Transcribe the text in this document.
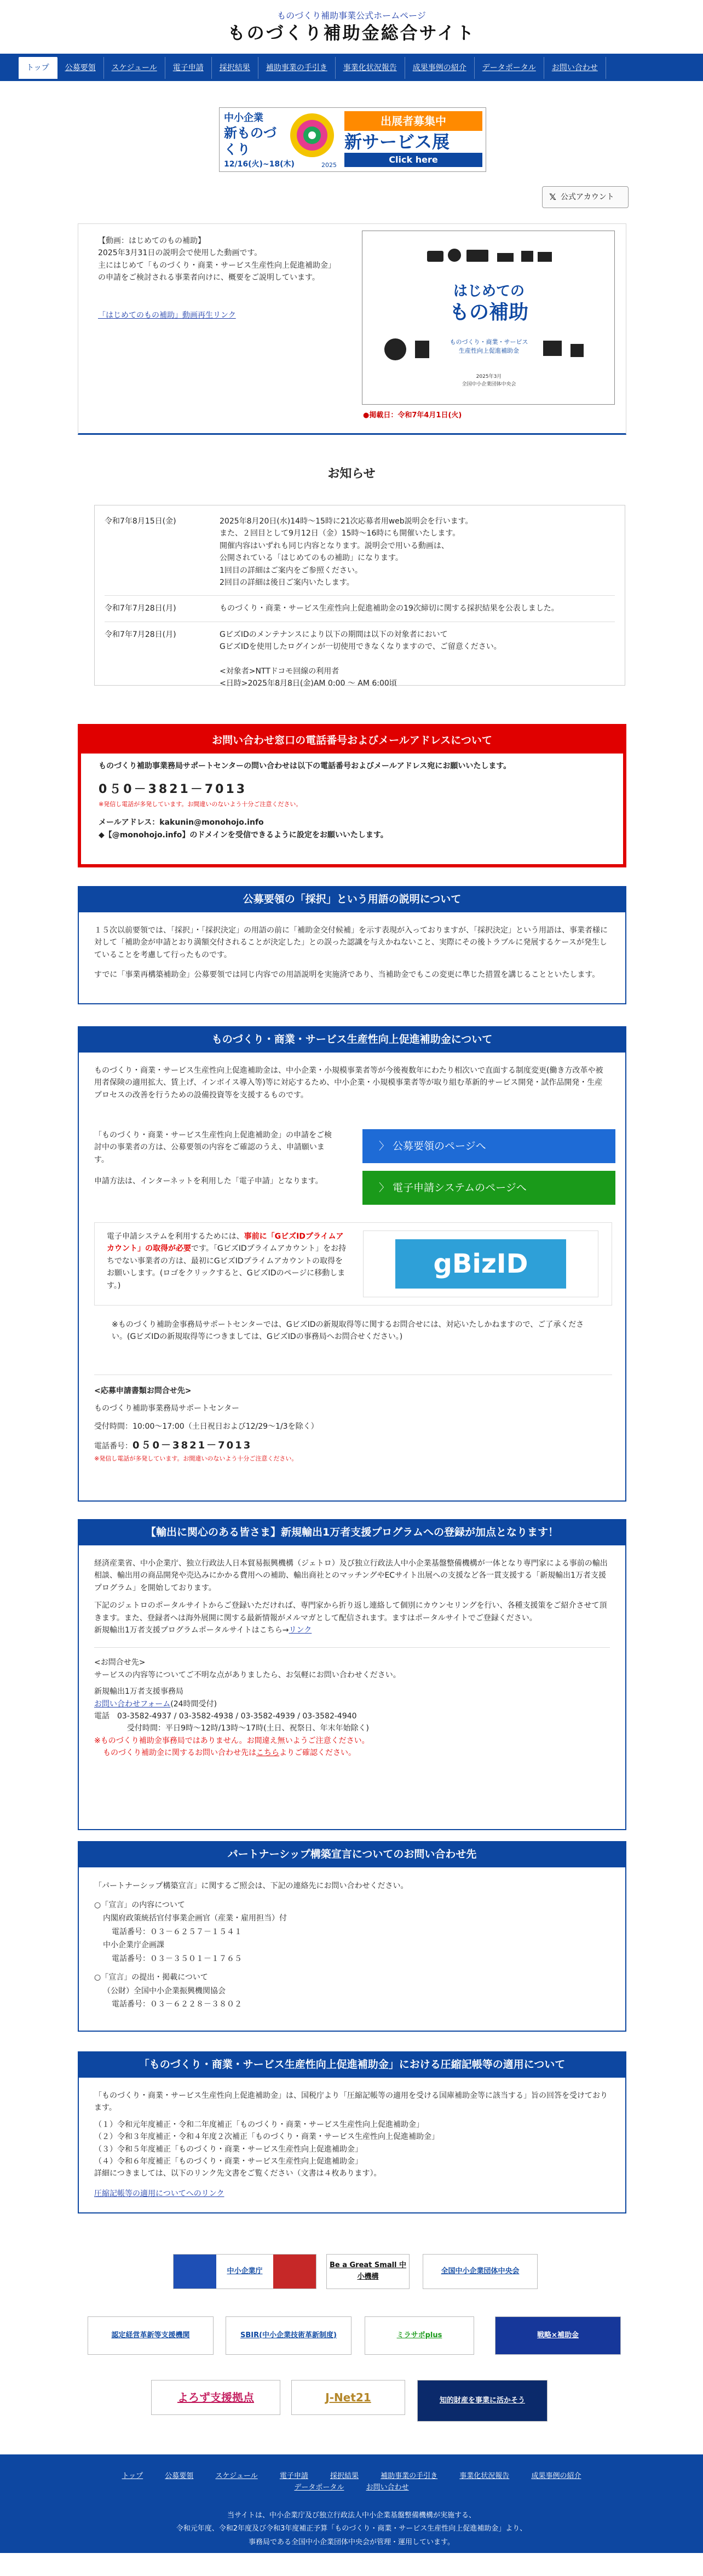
ものづくり補助事業公式ホームページ
ものづくり補助金総合サイト
トップ	公募要領	スケジュール	電子申請	採択結果	補助事業の手引き	事業化状況報告	成果事例の紹介	データポータル	お問い合わせ
中小企業
新ものづくり
12/16(火)~18(木)	2025
出展者募集中
新サービス展
Click here
𝕏 公式アカウント
【動画：はじめてのもの補助】
2025年3月31日の説明会で使用した動画です。
主にはじめて「ものづくり・商業・サービス生産性向上促進補助金」の申請をご検討される事業者向けに、概要をご説明しています。
「はじめてのもの補助」動画再生リンク
はじめての
もの補助
ものづくり・商業・サービス
生産性向上促進補助金
2025年3月
全国中小企業団体中央会
●掲載日：令和7年4月1日(火)
お知らせ
令和7年8月15日(金)	2025年8月20日(水)14時～15時に21次応募者用web説明会を行います。
また、２回目として9月12日（金）15時～16時にも開催いたします。
開催内容はいずれも同じ内容となります。説明会で用いる動画は、
公開されている「はじめてのもの補助」になります。
1回目の詳細はご案内をご参照ください。
2回目の詳細は後日ご案内いたします。
令和7年7月28日(月)	ものづくり・商業・サービス生産性向上促進補助金の19次締切に関する採択結果を公表しました。
令和7年7月28日(月)	GビズIDのメンテナンスにより以下の期間は以下の対象者において
GビズIDを使用したログインが一切使用できなくなりますので、ご留意ください。

<対象者>NTTドコモ回線の利用者
<日時>2025年8月8日(金)AM 0:00 ～ AM 6:00頃
お問い合わせ窓口の電話番号およびメールアドレスについて
ものづくり補助事業務局サポートセンターの問い合わせは以下の電話番号およびメールアドレス宛にお願いいたします。
0５0－3821－7013
※発信し電話が多発しています。お間違いのないよう十分ご注意ください。
メールアドレス：kakunin@monohojo.info
◆【@monohojo.info】のドメインを受信できるように設定をお願いいたします。
公募要領の「採択」という用語の説明について

１５次以前要領では、「採択」・「採択決定」の用語の前に「補助金交付候補」を示す表現が入っておりますが、「採択決定」という用語は、事業者様に対して「補助金が申請とおり満額交付されることが決定した」との誤った認識を与えかねないこと、実際にその後トラブルに発展するケースが発生していることを考慮して行ったものです。

すでに「事業再構築補助金」公募要領では同じ内容での用語説明を実施済であり、当補助金でもこの変更に準じた措置を講じることといたします。

ものづくり・商業・サービス生産性向上促進補助金について

ものづくり・商業・サービス生産性向上促進補助金は、中小企業・小規模事業者等が今後複数年にわたり相次いで直面する制度変更(働き方改革や被用者保険の適用拡大、賃上げ、インボイス導入等)等に対応するため、中小企業・小規模事業者等が取り組む革新的サービス開発・試作品開発・生産プロセスの改善を行うための設備投資等を支援するものです。

「ものづくり・商業・サービス生産性向上促進補助金」の申請をご検討中の事業者の方は、公募要領の内容をご確認のうえ、申請願います。

〉 公募要領のページへ

申請方法は、インターネットを利用した「電子申請」となります。

〉 電子申請システムのページへ

電子申請システムを利用するためには、事前に「GビズIDプライムアカウント」の取得が必要です。「GビズIDプライムアカウント」をお持ちでない事業者の方は、最初にGビズIDプライムアカウントの取得をお願いします。(ロゴをクリックすると、GビズIDのページに移動します。)

gBizID

※ものづくり補助金事務局サポートセンターでは、GビズIDの新規取得等に関するお問合せには、対応いたしかねますので、ご了承ください。(GビズIDの新規取得等につきましては、GビズIDの事務局へお問合せください。)

<応募申請書類お問合せ先>
ものづくり補助事業務局サポートセンター
受付時間：10:00～17:00（土日祝日および12/29～1/3を除く）
電話番号：0５0－3821－7013
※発信し電話が多発しています。お間違いのないよう十分ご注意ください。
【輸出に関心のある皆さま】新規輸出1万者支援プログラムへの登録が加点となります！

経済産業省、中小企業庁、独立行政法人日本貿易振興機構（ジェトロ）及び独立行政法人中小企業基盤整備機構が一体となり専門家による事前の輸出相談、輸出用の商品開発や売込みにかかる費用への補助、輸出商社とのマッチングやECサイト出展への支援など各一貫支援する「新規輸出1万者支援プログラム」を開始しております。

下記のジェトロのポータルサイトからご登録いただければ、専門家から折り返し連絡して個別にカウンセリングを行い、各種支援策をご紹介させて頂きます。また、登録者へは海外展開に関する最新情報がメルマガとして配信されます。ますはポータルサイトでご登録ください。

新規輸出1万者支援プログラムポータルサイトはこちら→リンク

<お問合せ先>
サービスの内容等についてご不明な点がありましたら、お気軽にお問い合わせください。
新規輸出1万者支援事務局
お問い合わせフォーム(24時間受付)
電話　03-3582-4937 / 03-3582-4938 / 03-3582-4939 / 03-3582-4940
受付時間：平日9時～12時/13時～17時(土日、祝祭日、年末年始除く)
※ものづくり補助金事務局ではありません。お間違え無いようご注意ください。
ものづくり補助金に関するお問い合わせ先はこちらよりご確認ください。
パートナーシップ構築宣言についてのお問い合わせ先
「パートナーシップ構築宣言」に関するご照会は、下記の連絡先にお問い合わせください。
○「宣言」の内容について
内閣府政策統括官付事業企画官（産業・雇用担当）付
電話番号：０３－６２５７－１５４１
中小企業庁企画課
電話番号：０３－３５０１－１７６５
○「宣言」の提出・掲載について
（公財）全国中小企業振興機関協会
電話番号：０３－６２２８－３８０２
「ものづくり・商業・サービス生産性向上促進補助金」における圧縮記帳等の適用について

「ものづくり・商業・サービス生産性向上促進補助金」は、国税庁より「圧縮記帳等の適用を受ける国庫補助金等に該当する」旨の回答を受けております。

（１）令和元年度補正・令和二年度補正「ものづくり・商業・サービス生産性向上促進補助金」
（２）令和３年度補正・令和４年度２次補正「ものづくり・商業・サービス生産性向上促進補助金」
（３）令和５年度補正「ものづくり・商業・サービス生産性向上促進補助金」
（４）令和６年度補正「ものづくり・商業・サービス生産性向上促進補助金」
詳細につきましては、以下のリンク先文書をご覧ください（文書は４枚あります）。
圧縮記帳等の適用についてへのリンク
中小企業庁
Be a Great Small 中小機構
全国中小企業団体中央会
認定経営革新等支援機関	SBIR(中小企業技術革新制度)	ミラサポplus	戦略×補助金
よろず支援拠点	J-Net21	知的財産を事業に活かそう
トップ	公募要領	スケジュール	電子申請	採択結果	補助事業の手引き	事業化状況報告	成果事例の紹介
データポータル	お問い合わせ
当サイトは、中小企業庁及び独立行政法人中小企業基盤整備機構が実施する、
令和元年度、令和2年度及び令和3年度補正予算「ものづくり・商業・サービス生産性向上促進補助金」より、
事務局である全国中小企業団体中央会が管理・運用しています。
Copyright (C) 2020 全国中小企業団体中央会 All Rights Reserved.
